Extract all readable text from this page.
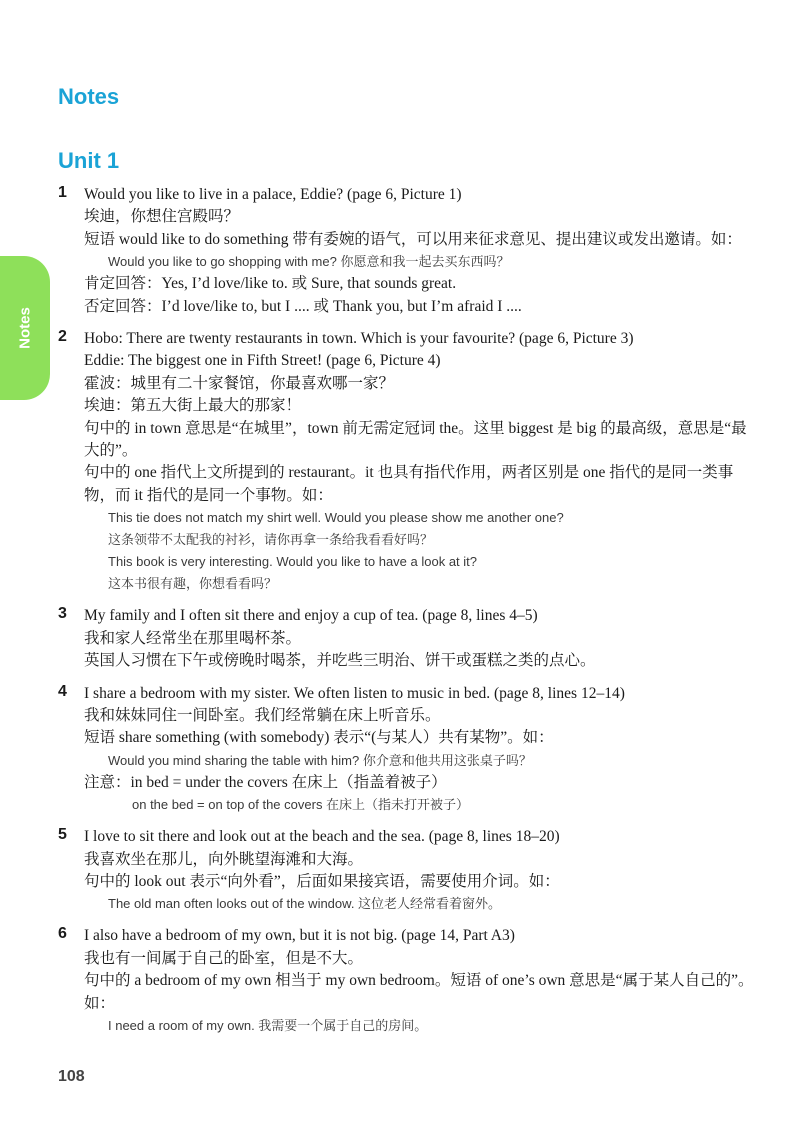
Notes
Notes
Unit 1
1 Would you like to live in a palace, Eddie? (page 6, Picture 1)
埃迪，你想住宫殿吗？
短语 would like to do something 带有委婉的语气，可以用来征求意见、提出建议或发出邀请。如：
Would you like to go shopping with me? 你愿意和我一起去买东西吗？
肯定回答：Yes, I’d love/like to. 或 Sure, that sounds great.
否定回答：I’d love/like to, but I .... 或 Thank you, but I’m afraid I ....
2 Hobo: There are twenty restaurants in town. Which is your favourite? (page 6, Picture 3)
Eddie: The biggest one in Fifth Street! (page 6, Picture 4)
霍波：城里有二十家餐馆，你最喜欢哪一家？
埃迪：第五大街上最大的那家！
句中的 in town 意思是“在城里”，town 前无需定冠词 the。这里 biggest 是 big 的最高级，意思是“最大的”。
句中的 one 指代上文所提到的 restaurant。it 也具有指代作用，两者区别是 one 指代的是同一类事物，而 it 指代的是同一个事物。如：
This tie does not match my shirt well. Would you please show me another one?
这条领带不太配我的衬衫，请你再拿一条给我看看好吗？
This book is very interesting. Would you like to have a look at it?
这本书很有趣，你想看看吗？
3 My family and I often sit there and enjoy a cup of tea. (page 8, lines 4–5)
我和家人经常坐在那里喝杯茶。
英国人习惯在下午或傍晚时喝茶，并吃些三明治、饼干或蛋糕之类的点心。
4 I share a bedroom with my sister. We often listen to music in bed. (page 8, lines 12–14)
我和妹妹同住一间卧室。我们经常躺在床上听音乐。
短语 share something (with somebody) 表示“(与某人）共有某物”。如：
Would you mind sharing the table with him? 你介意和他共用这张桌子吗？
注意：in bed = under the covers 在床上（指盖着被子）
on the bed = on top of the covers 在床上（指未打开被子）
5 I love to sit there and look out at the beach and the sea. (page 8, lines 18–20)
我喜欢坐在那儿，向外眺望海滩和大海。
句中的 look out 表示“向外看”，后面如果接宾语，需要使用介词。如：
The old man often looks out of the window. 这位老人经常看着窗外。
6 I also have a bedroom of my own, but it is not big. (page 14, Part A3)
我也有一间属于自己的卧室，但是不大。
句中的 a bedroom of my own 相当于 my own bedroom。短语 of one’s own 意思是“属于某人自己的”。如：
I need a room of my own. 我需要一个属于自己的房间。
108
